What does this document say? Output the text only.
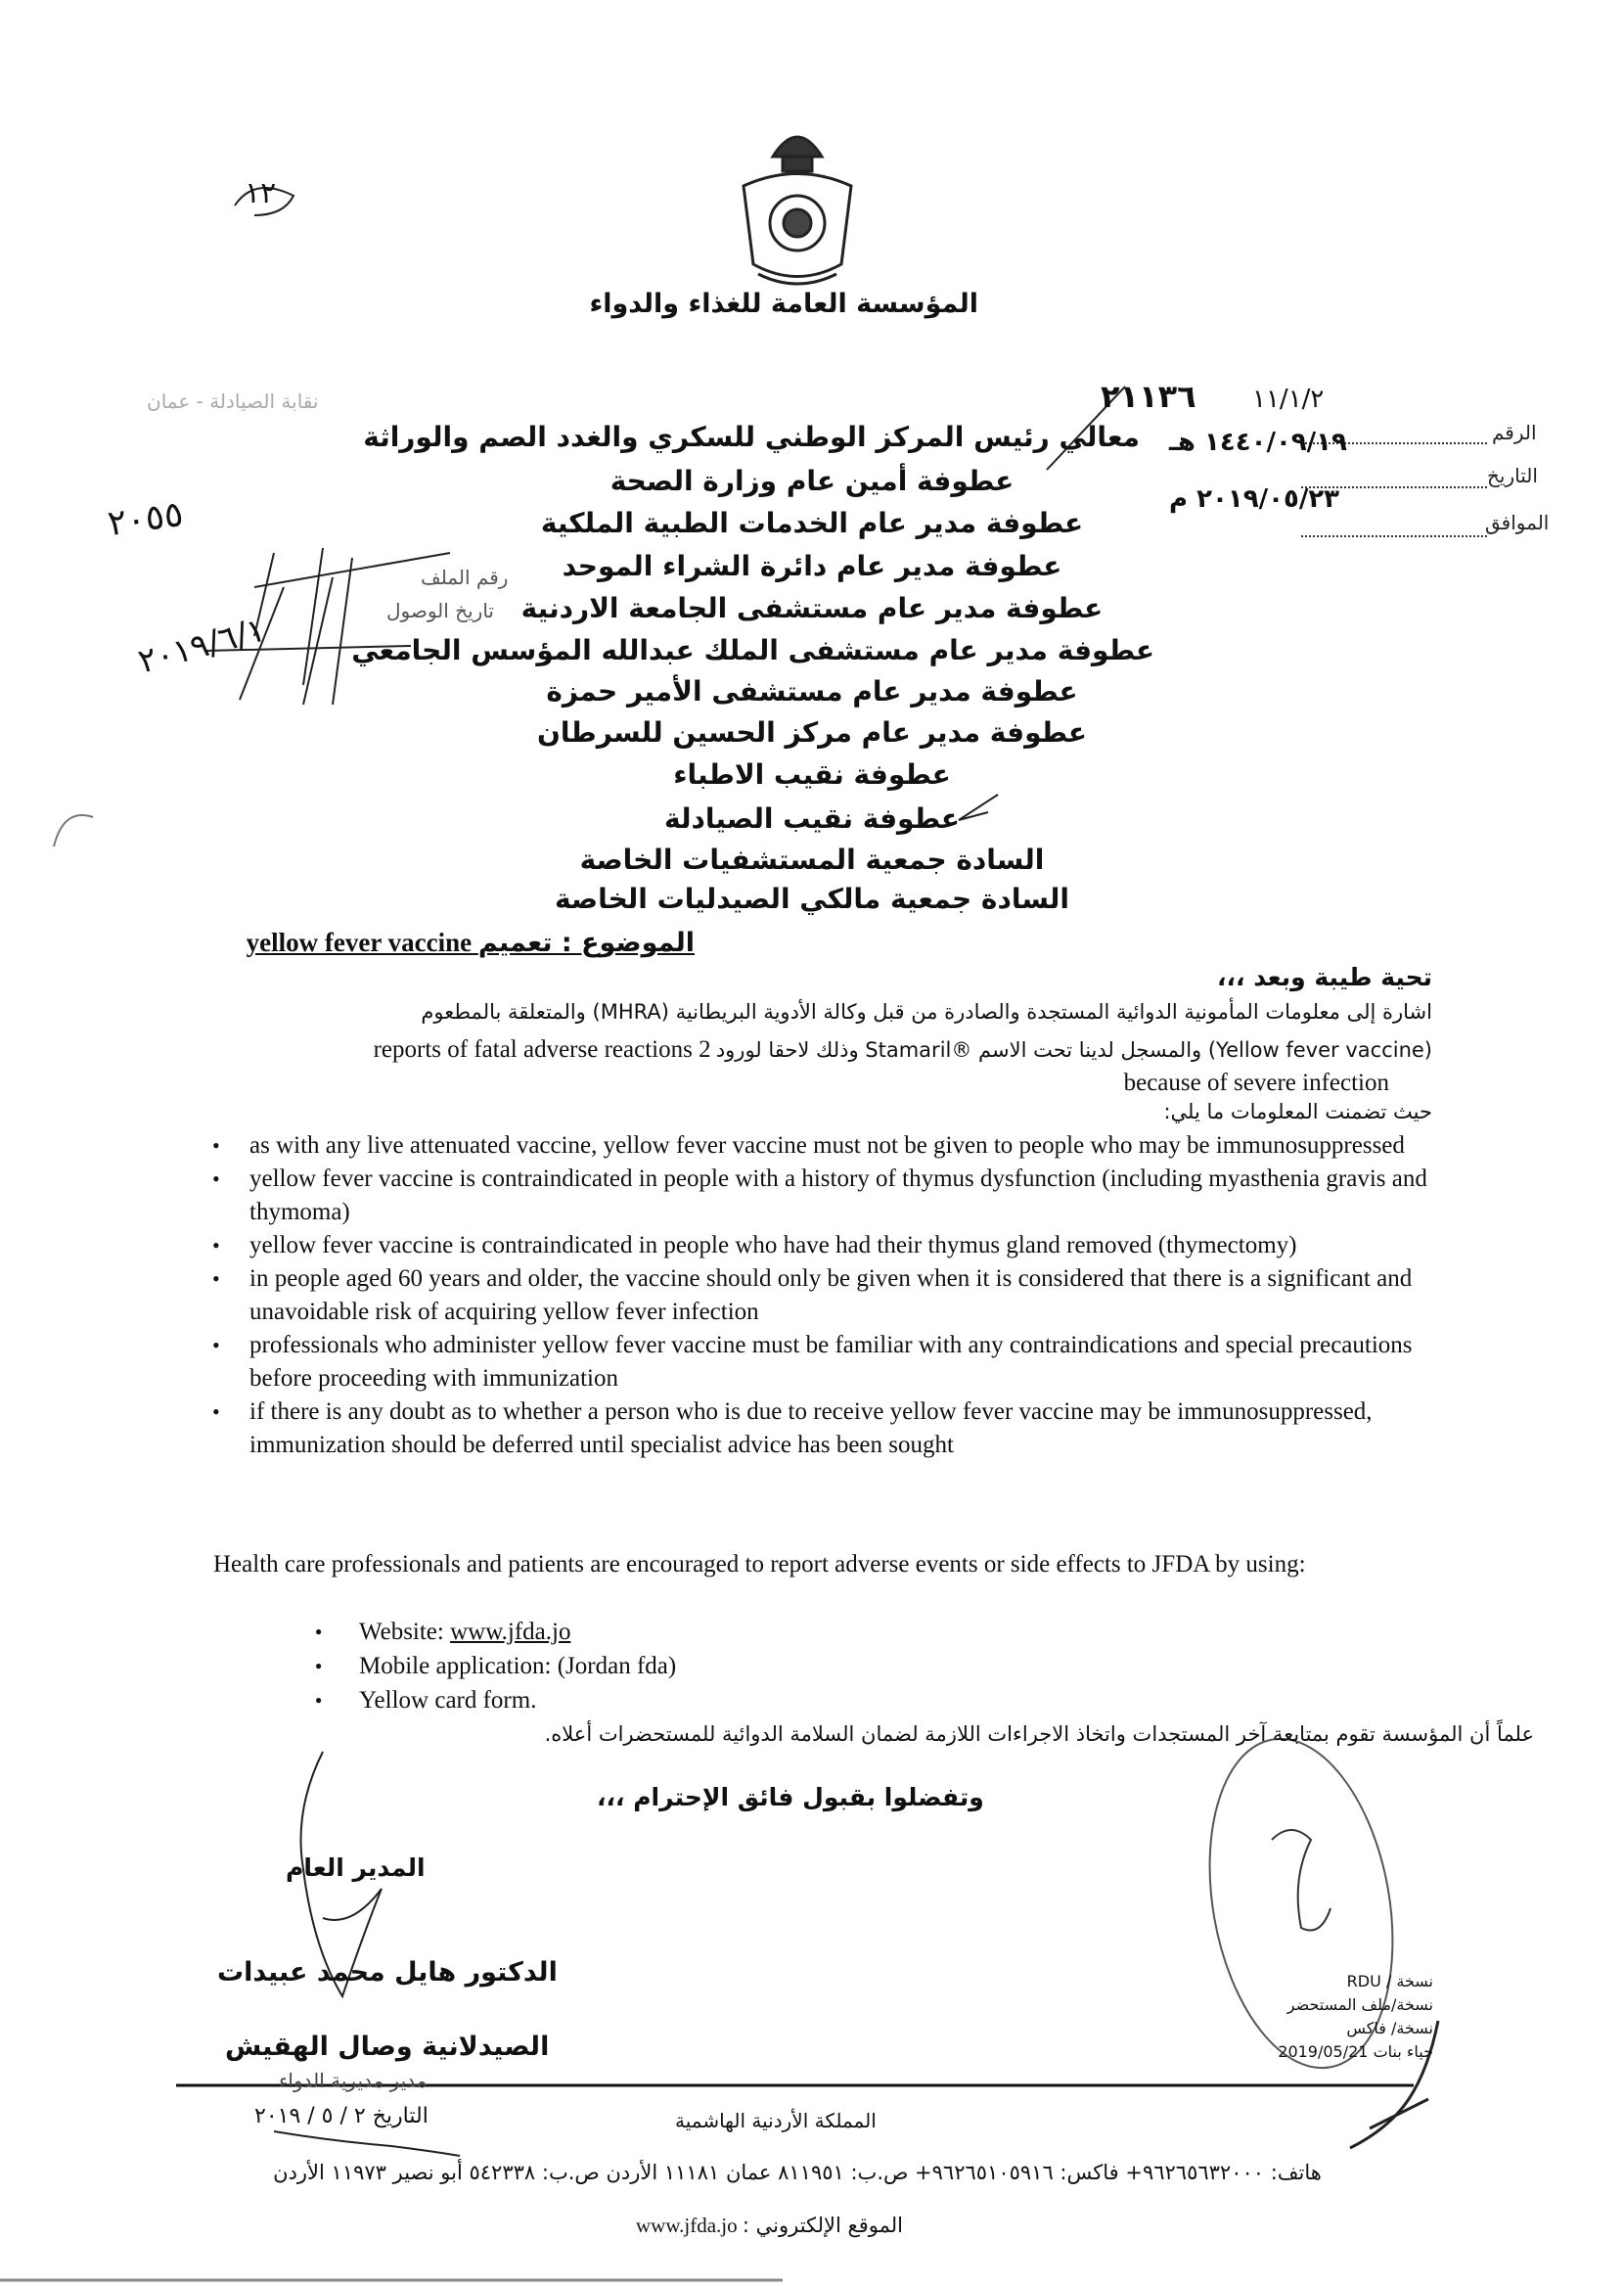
المؤسسة العامة للغذاء والدواء
١٢
٢١١٣٦ ١١/١/٢
الرقم
التاريخ
الموافق
١٤٤٠/٠٩/١٩ هـ
٢٠١٩/٠٥/٢٣ م
نقابة الصيادلة - عمان
رقم الملف
تاريخ الوصول
٢٠٥٥
٢٠١٩/٦/١
معالي رئيس المركز الوطني للسكري والغدد الصم والوراثة
عطوفة أمين عام وزارة الصحة
عطوفة مدير عام الخدمات الطبية الملكية
عطوفة مدير عام دائرة الشراء الموحد
عطوفة مدير عام مستشفى الجامعة الاردنية
عطوفة مدير عام مستشفى الملك عبدالله المؤسس الجامعي
عطوفة مدير عام مستشفى الأمير حمزة
عطوفة مدير عام مركز الحسين للسرطان
عطوفة نقيب الاطباء
عطوفة نقيب الصيادلة
السادة جمعية المستشفيات الخاصة
السادة جمعية مالكي الصيدليات الخاصة
الموضوع : تعميم yellow fever vaccine
تحية طيبة وبعد ،،،
اشارة إلى معلومات المأمونية الدوائية المستجدة والصادرة من قبل وكالة الأدوية البريطانية (MHRA) والمتعلقة بالمطعوم
(Yellow fever vaccine) والمسجل لدينا تحت الاسم ®Stamaril وذلك لاحقا لورود 2 reports of fatal adverse reactions
because of severe infection
حيث تضمنت المعلومات ما يلي:
• as with any live attenuated vaccine, yellow fever vaccine must not be given to people who may be immunosuppressed
• yellow fever vaccine is contraindicated in people with a history of thymus dysfunction (including myasthenia gravis and thymoma)
• yellow fever vaccine is contraindicated in people who have had their thymus gland removed (thymectomy)
• in people aged 60 years and older, the vaccine should only be given when it is considered that there is a significant and unavoidable risk of acquiring yellow fever infection
• professionals who administer yellow fever vaccine must be familiar with any contraindications and special precautions before proceeding with immunization
• if there is any doubt as to whether a person who is due to receive yellow fever vaccine may be immunosuppressed, immunization should be deferred until specialist advice has been sought
Health care professionals and patients are encouraged to report adverse events or side effects to JFDA by using:
● Website: www.jfda.jo
● Mobile application: (Jordan fda)
● Yellow card form.
علماً أن المؤسسة تقوم بمتابعة آخر المستجدات واتخاذ الاجراءات اللازمة لضمان السلامة الدوائية للمستحضرات أعلاه.
وتفضلوا بقبول فائق الإحترام ،،،
المدير العام
الدكتور هايل محمد عبيدات
الصيدلانية وصال الهقيش
مدير مديرية الدواء
التاريخ ٢ / ٥ / ٢٠١٩
نسخة / RDU
نسخة/ملف المستحضر
نسخة/ فاكس
حياء بنات 2019/05/21
المملكة الأردنية الهاشمية
هاتف: ٩٦٢٦٥٦٣٢٠٠٠+ فاكس: ٩٦٢٦٥١٠٥٩١٦+ ص.ب: ٨١١٩٥١ عمان ١١١٨١ الأردن ص.ب: ٥٤٢٣٣٨ أبو نصير ١١٩٧٣ الأردن
الموقع الإلكتروني : www.jfda.jo
